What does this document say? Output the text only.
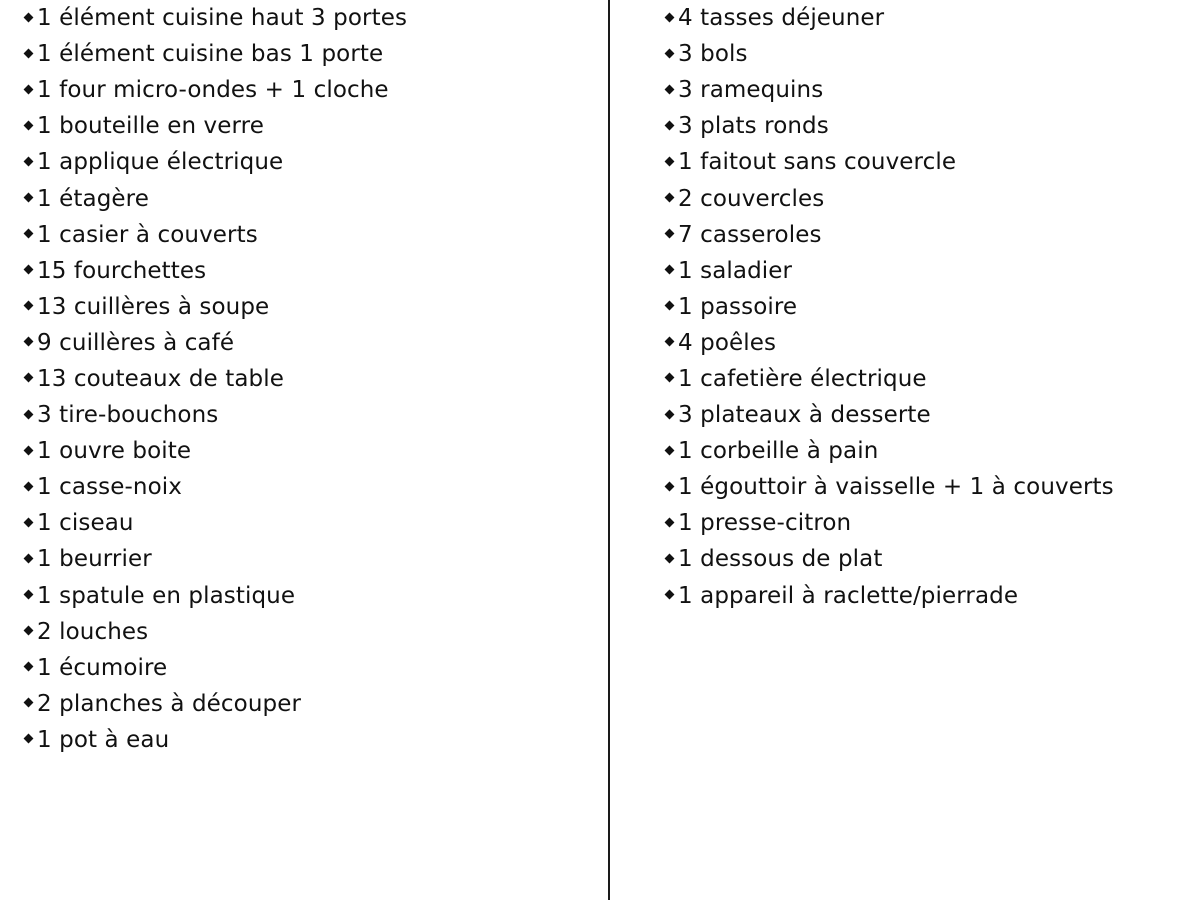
1 élément cuisine haut 3 portes
1 élément cuisine bas 1 porte
1 four micro-ondes + 1 cloche
1 bouteille en verre
1 applique électrique
1 étagère
1 casier à couverts
15 fourchettes
13 cuillères à soupe
9 cuillères à café
13 couteaux de table
3 tire-bouchons
1 ouvre boite
1 casse-noix
1 ciseau
1 beurrier
1 spatule en plastique
2 louches
1 écumoire
2 planches à découper
1 pot à eau
4 tasses déjeuner
3 bols
3 ramequins
3 plats ronds
1 faitout sans couvercle
2 couvercles
7 casseroles
1 saladier
1 passoire
4 poêles
1 cafetière électrique
3 plateaux à desserte
1 corbeille à pain
1 égouttoir à vaisselle + 1 à couverts
1 presse-citron
1 dessous de plat
1 appareil à raclette/pierrade
